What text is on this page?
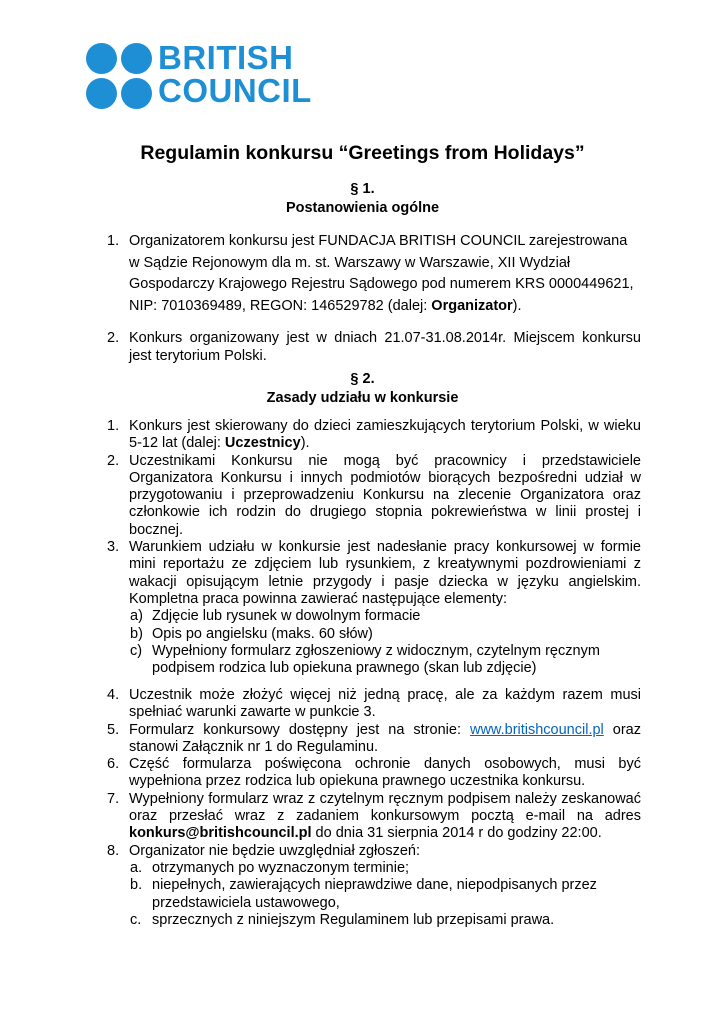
BRITISH
COUNCIL
Regulamin konkursu “Greetings from Holidays”
§ 1.
Postanowienia ogólne
1. Organizatorem konkursu jest FUNDACJA BRITISH COUNCIL zarejestrowana
w Sądzie Rejonowym dla m. st. Warszawy w Warszawie, XII Wydział
Gospodarczy Krajowego Rejestru Sądowego pod numerem KRS 0000449621,
NIP: 7010369489, REGON: 146529782 (dalej: Organizator).
2. Konkurs organizowany jest w dniach 21.07-31.08.2014r. Miejscem konkursu jest terytorium Polski.
§ 2.
Zasady udziału w konkursie
1. Konkurs jest skierowany do dzieci zamieszkujących terytorium Polski, w wieku 5-12 lat (dalej: Uczestnicy).
2. Uczestnikami Konkursu nie mogą być pracownicy i przedstawiciele Organizatora Konkursu i innych podmiotów biorących bezpośredni udział w przygotowaniu i przeprowadzeniu Konkursu na zlecenie Organizatora oraz członkowie ich rodzin do drugiego stopnia pokrewieństwa w linii prostej i bocznej.
3. Warunkiem udziału w konkursie jest nadesłanie pracy konkursowej w formie mini reportażu ze zdjęciem lub rysunkiem, z kreatywnymi pozdrowieniami z wakacji opisującym letnie przygody i pasje dziecka w języku angielskim. Kompletna praca powinna zawierać następujące elementy:
a) Zdjęcie lub rysunek w dowolnym formacie
b) Opis po angielsku (maks. 60 słów)
c) Wypełniony formularz zgłoszeniowy z widocznym, czytelnym ręcznym podpisem rodzica lub opiekuna prawnego (skan lub zdjęcie)
4. Uczestnik może złożyć więcej niż jedną pracę, ale za każdym razem musi spełniać warunki zawarte w punkcie 3.
5. Formularz konkursowy dostępny jest na stronie: www.britishcouncil.pl oraz stanowi Załącznik nr 1 do Regulaminu.
6. Część formularza poświęcona ochronie danych osobowych, musi być wypełniona przez rodzica lub opiekuna prawnego uczestnika konkursu.
7. Wypełniony formularz wraz z czytelnym ręcznym podpisem należy zeskanować oraz przesłać wraz z zadaniem konkursowym pocztą e-mail na adres konkurs@britishcouncil.pl do dnia 31 sierpnia 2014 r do godziny 22:00.
8. Organizator nie będzie uwzględniał zgłoszeń:
a. otrzymanych po wyznaczonym terminie;
b. niepełnych, zawierających nieprawdziwe dane, niepodpisanych przez przedstawiciela ustawowego,
c. sprzecznych z niniejszym Regulaminem lub przepisami prawa.
